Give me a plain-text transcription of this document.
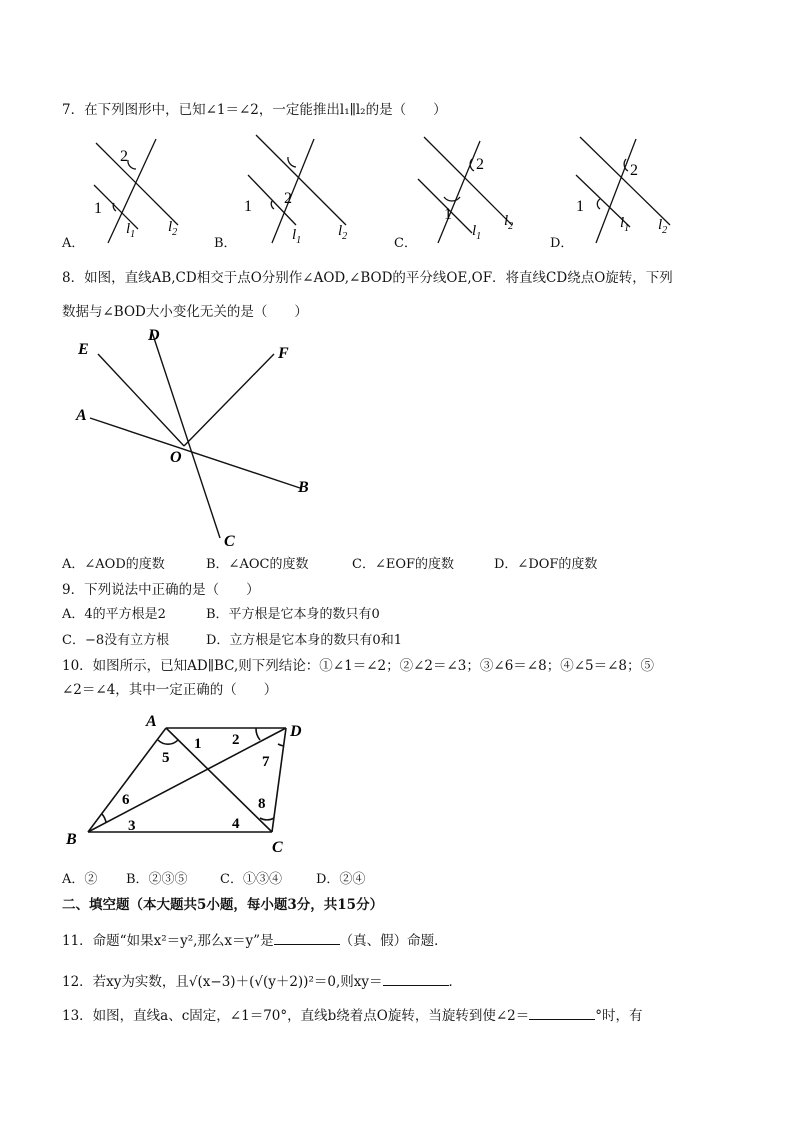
7．在下列图形中，已知∠1＝∠2，一定能推出l₁∥l₂的是（　　）
2
1
$l_1$ $l_2$
A．
2
1
$l_1$
$l_2$
B．
2
1
$l_1$
$l_2$
C．
2
1
$l_1$ $l_2$
D．
8．如图，直线AB,CD相交于点O分别作∠AOD,∠BOD的平分线OE,OF．将直线CD绕点O旋转，下列
数据与∠BOD大小变化无关的是（　　）
E
D
F
A
O
B
C
A．∠AOD的度数	B．∠AOC的度数	C．∠EOF的度数	D．∠DOF的度数
9．下列说法中正确的是（　　）
A．4的平方根是2	B．平方根是它本身的数只有0
C．−8没有立方根	D．立方根是它本身的数只有0和1
10．如图所示，已知AD∥BC,则下列结论：①∠1＝∠2；②∠2＝∠3；③∠6＝∠8；④∠5＝∠8；⑤
∠2＝∠4，其中一定正确的（　　）
A
D
B	C
1 2
3	4
5
6
7
8
A．② B．②③⑤ C．①③④	D．②④
二、填空题（本大题共5小题，每小题3分，共15分）
11．命题“如果x²＝y²,那么x＝y”是	（真、假）命题．
12．若xy为实数，且√(x−3)＋(√(y＋2))²＝0,则xy＝	．
13．如图，直线a、c固定，∠1＝70°，直线b绕着点O旋转，当旋转到使∠2＝	°时，有
